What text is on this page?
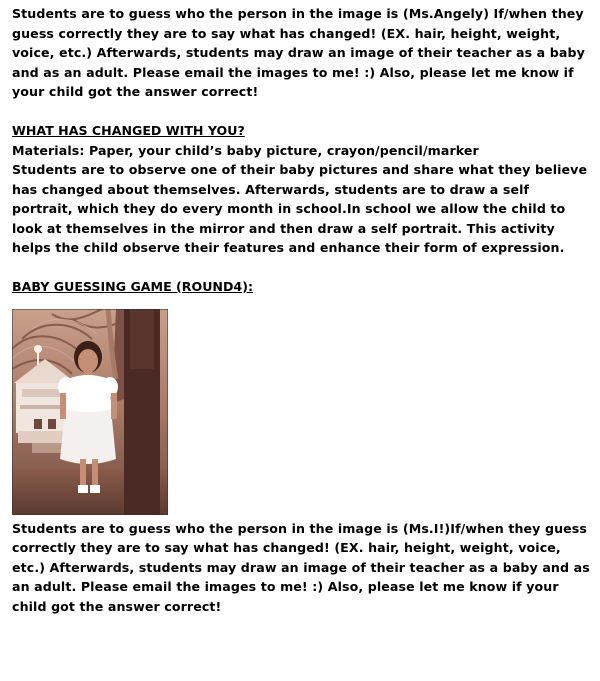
Students are to guess who the person in the image is (Ms.Angely) If/when they guess correctly they are to say what has changed! (EX. hair, height, weight, voice, etc.) Afterwards, students may draw an image of their teacher as a baby and as an adult. Please email the images to me! :) Also, please let me know if your child got the answer correct!

WHAT HAS CHANGED WITH YOU?

Materials: Paper, your child’s baby picture, crayon/pencil/marker

Students are to observe one of their baby pictures and share what they believe has changed about themselves. Afterwards, students are to draw a self portrait, which they do every month in school.In school we allow the child to look at themselves in the mirror and then draw a self portrait. This activity helps the child observe their features and enhance their form of expression.

BABY GUESSING GAME (ROUND4):

Students are to guess who the person in the image is (Ms.I!)If/when they guess correctly they are to say what has changed! (EX. hair, height, weight, voice, etc.) Afterwards, students may draw an image of their teacher as a baby and as an adult. Please email the images to me! :) Also, please let me know if your child got the answer correct!
